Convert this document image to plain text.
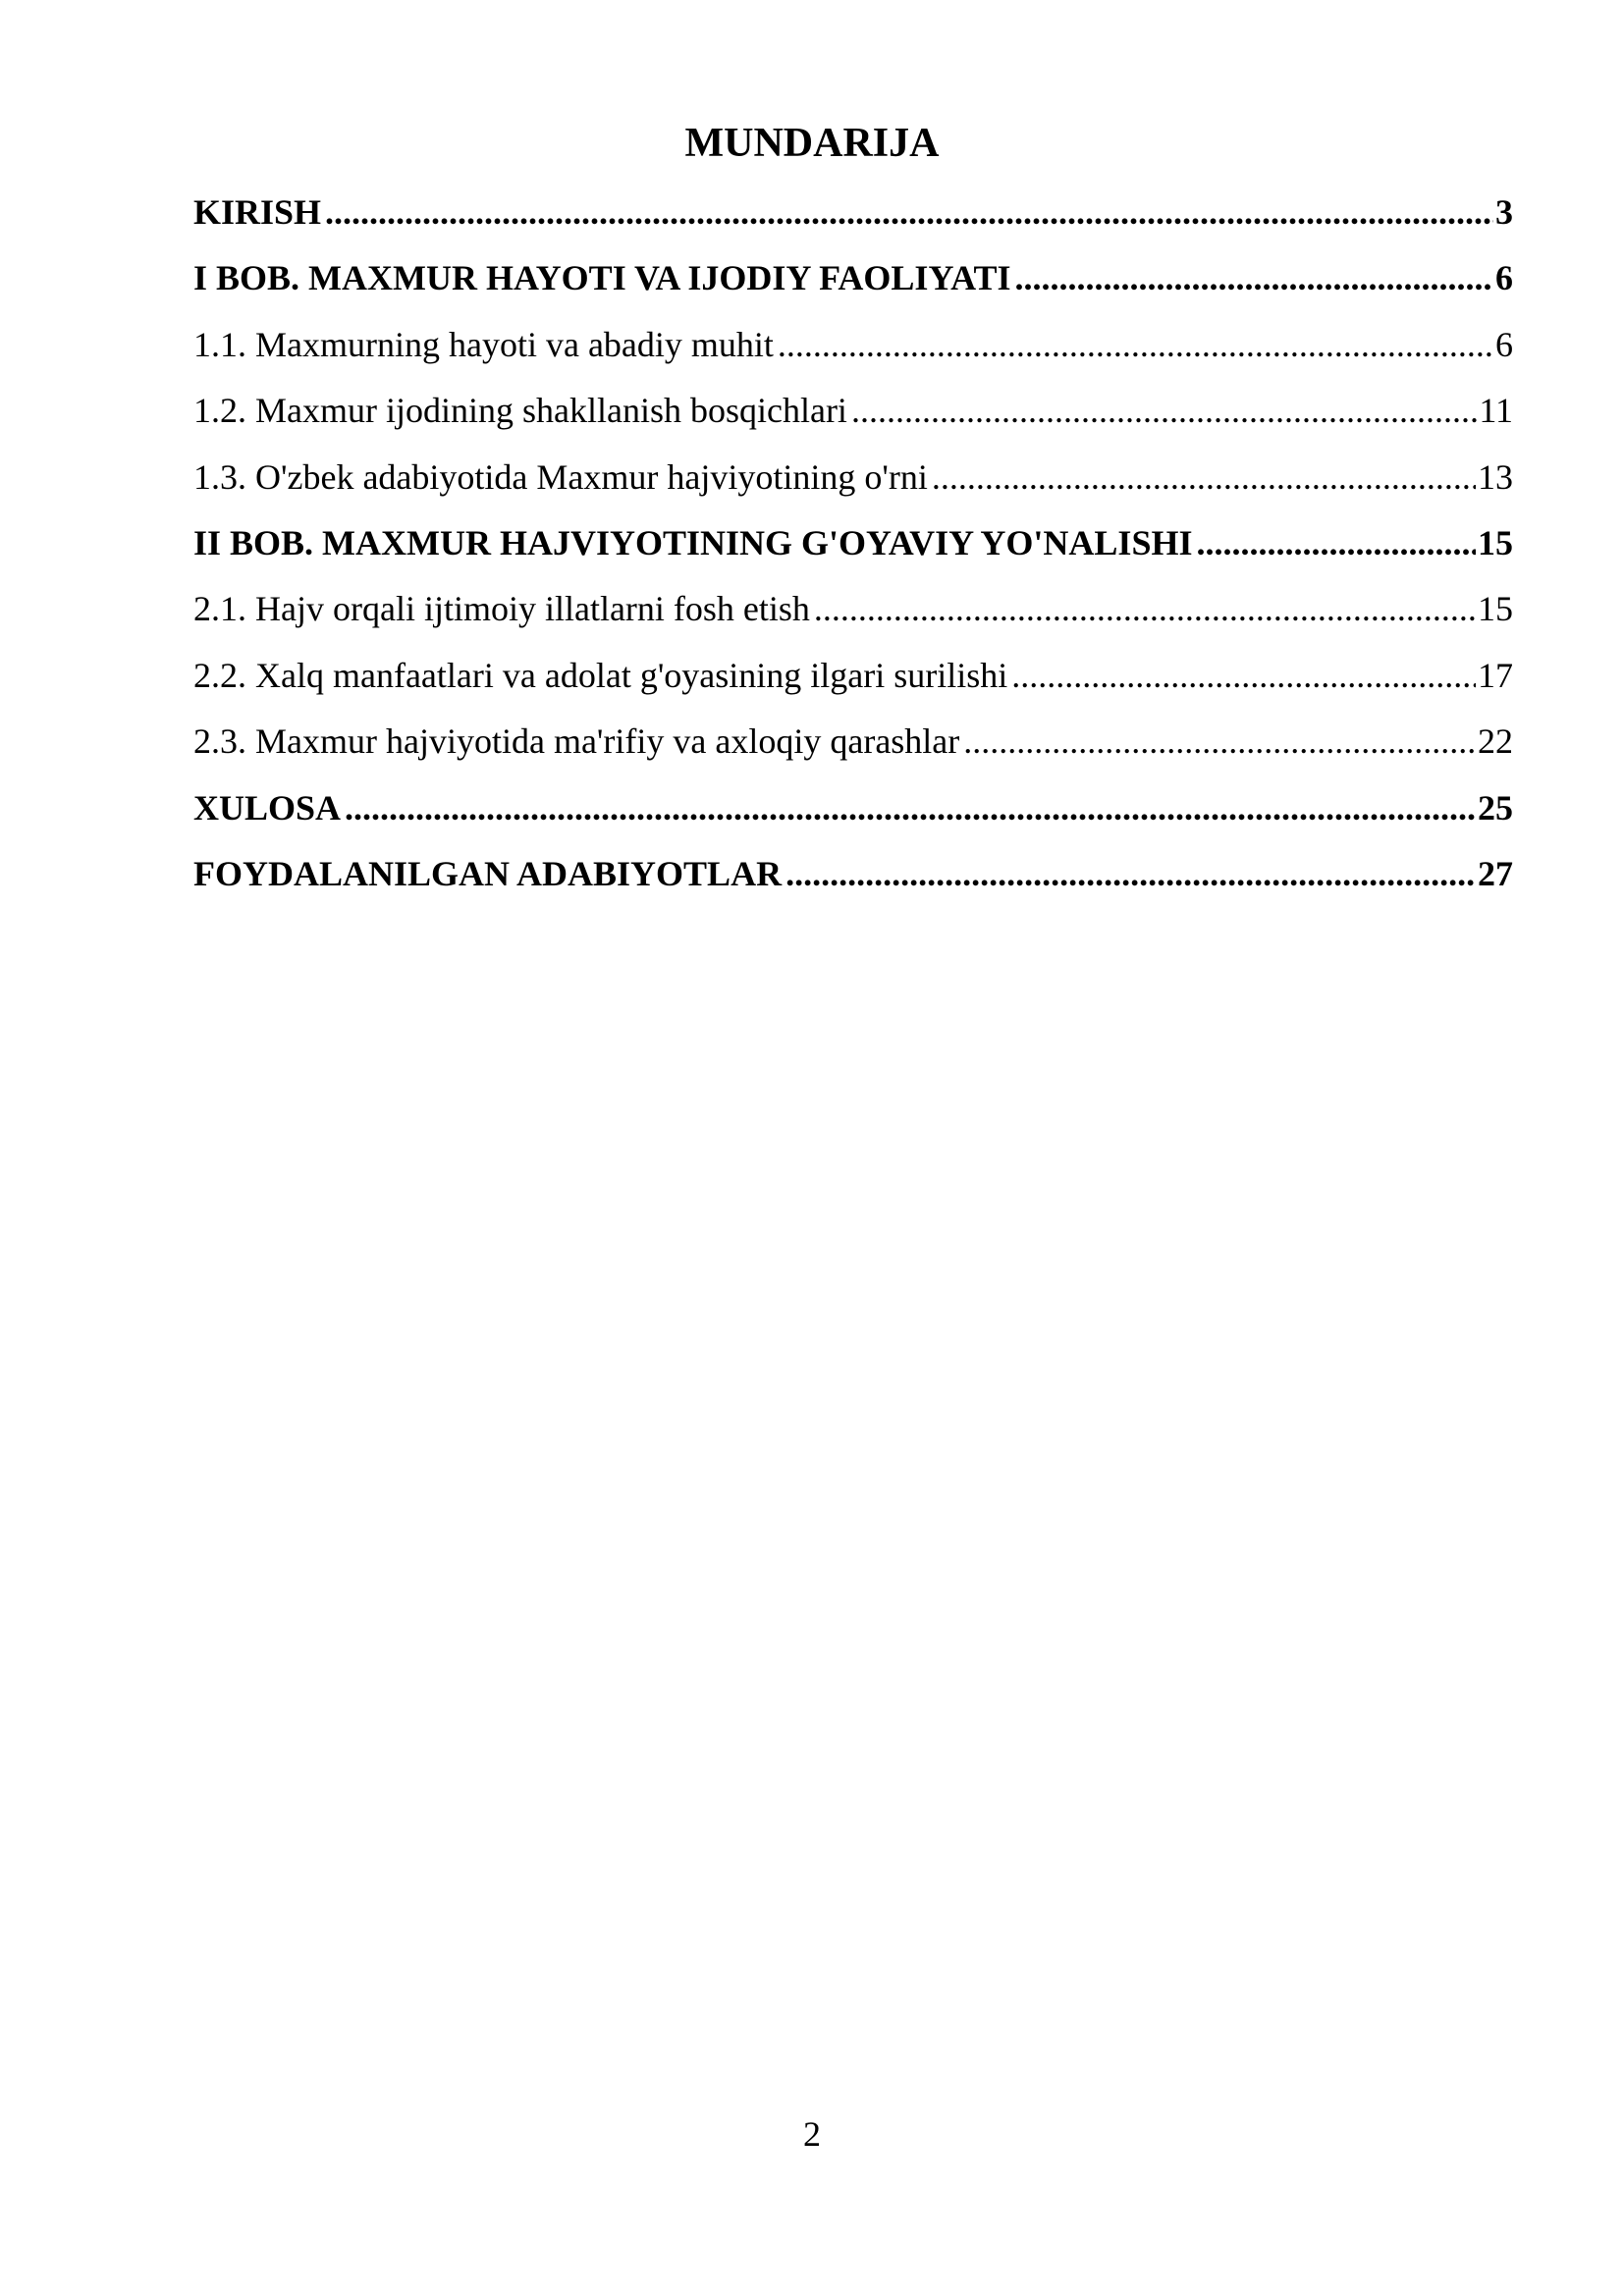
MUNDARIJA
KIRISH .....	3
I BOB. MAXMUR HAYOTI VA IJODIY FAOLIYATI .....	6
1.1. Maxmurning hayoti va abadiy muhit .....	6
1.2. Maxmur ijodining shakllanish bosqichlari .....	11
1.3. O'zbek adabiyotida Maxmur hajviyotining o'rni .....	13
II BOB. MAXMUR HAJVIYOTINING G'OYAVIY YO'NALISHI .....	15
2.1. Hajv orqali ijtimoiy illatlarni fosh etish .....	15
2.2. Xalq manfaatlari va adolat g'oyasining ilgari surilishi .....	17
2.3. Maxmur hajviyotida ma'rifiy va axloqiy qarashlar .....	22
XULOSA .....	25
FOYDALANILGAN ADABIYOTLAR .....	27
2
